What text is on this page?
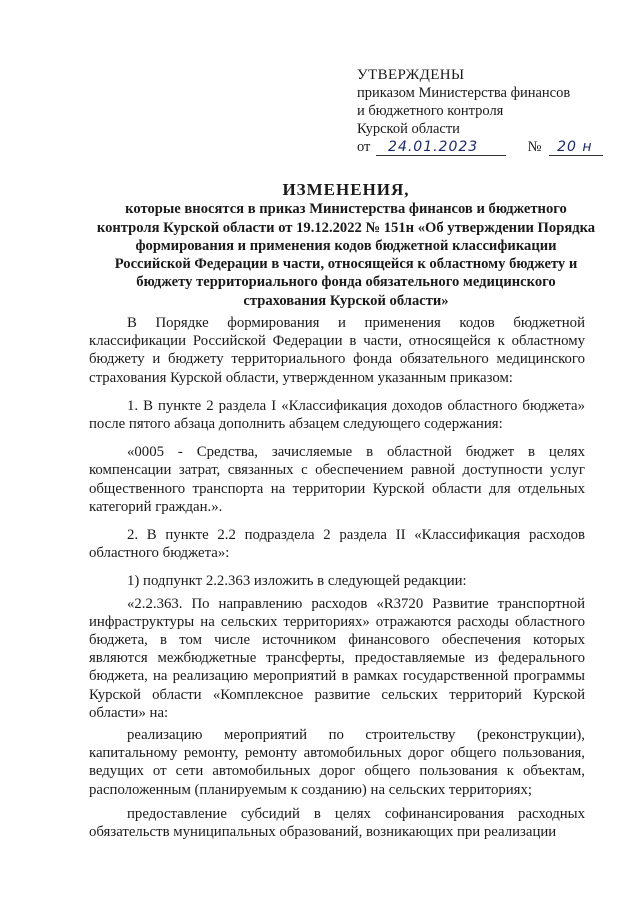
УТВЕРЖДЕНЫ
приказом Министерства финансов
и бюджетного контроля
Курской области
от 24.01.2023	№ 20 н
ИЗМЕНЕНИЯ,
которые вносятся в приказ Министерства финансов и бюджетного контроля Курской области от 19.12.2022 № 151н «Об утверждении Порядка формирования и применения кодов бюджетной классификации Российской Федерации в части, относящейся к областному бюджету и бюджету территориального фонда обязательного медицинского страхования Курской области»

В Порядке формирования и применения кодов бюджетной классификации Российской Федерации в части, относящейся к областному бюджету и бюджету территориального фонда обязательного медицинского страхования Курской области, утвержденном указанным приказом:

1. В пункте 2 раздела I «Классификация доходов областного бюджета» после пятого абзаца дополнить абзацем следующего содержания:

«0005 - Средства, зачисляемые в областной бюджет в целях компенсации затрат, связанных с обеспечением равной доступности услуг общественного транспорта на территории Курской области для отдельных категорий граждан.».

2. В пункте 2.2 подраздела 2 раздела II «Классификация расходов областного бюджета»:

1) подпункт 2.2.363 изложить в следующей редакции:

«2.2.363. По направлению расходов «R3720 Развитие транспортной инфраструктуры на сельских территориях» отражаются расходы областного бюджета, в том числе источником финансового обеспечения которых являются межбюджетные трансферты, предоставляемые из федерального бюджета, на реализацию мероприятий в рамках государственной программы Курской области «Комплексное развитие сельских территорий Курской области» на:

реализацию мероприятий по строительству (реконструкции), капитальному ремонту, ремонту автомобильных дорог общего пользования, ведущих от сети автомобильных дорог общего пользования к объектам, расположенным (планируемым к созданию) на сельских территориях;

предоставление субсидий в целях софинансирования расходных обязательств муниципальных образований, возникающих при реализации
